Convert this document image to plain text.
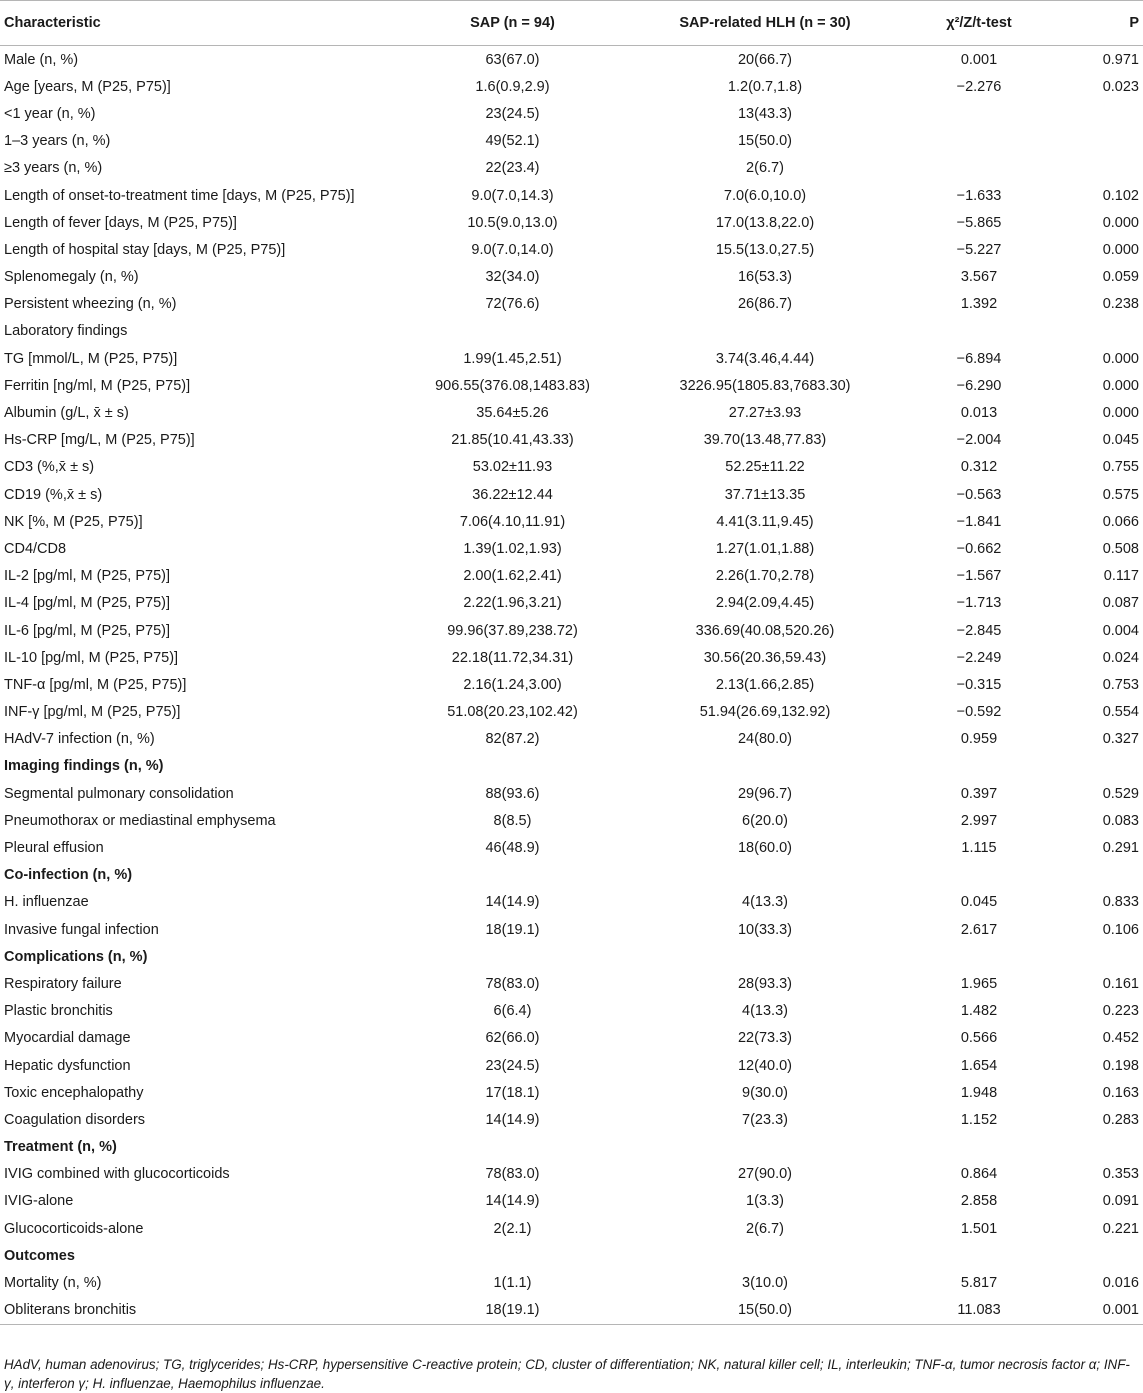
Characteristic	SAP (n = 94)	SAP-related HLH (n = 30)	χ²/Z/t-test	P
Male (n, %)	63(67.0)	20(66.7)	0.001	0.971
Age [years, M (P25, P75)]	1.6(0.9,2.9)	1.2(0.7,1.8)	−2.276	0.023
<1 year (n, %)	23(24.5)	13(43.3)		
1–3 years (n, %)	49(52.1)	15(50.0)		
≥3 years (n, %)	22(23.4)	2(6.7)		
Length of onset-to-treatment time [days, M (P25, P75)]	9.0(7.0,14.3)	7.0(6.0,10.0)	−1.633	0.102
Length of fever [days, M (P25, P75)]	10.5(9.0,13.0)	17.0(13.8,22.0)	−5.865	0.000
Length of hospital stay [days, M (P25, P75)]	9.0(7.0,14.0)	15.5(13.0,27.5)	−5.227	0.000
Splenomegaly (n, %)	32(34.0)	16(53.3)	3.567	0.059
Persistent wheezing (n, %)	72(76.6)	26(86.7)	1.392	0.238
Laboratory findings				
TG [mmol/L, M (P25, P75)]	1.99(1.45,2.51)	3.74(3.46,4.44)	−6.894	0.000
Ferritin [ng/ml, M (P25, P75)]	906.55(376.08,1483.83)	3226.95(1805.83,7683.30)	−6.290	0.000
Albumin (g/L, x̄ ± s)	35.64±5.26	27.27±3.93	0.013	0.000
Hs-CRP [mg/L, M (P25, P75)]	21.85(10.41,43.33)	39.70(13.48,77.83)	−2.004	0.045
CD3 (%,x̄ ± s)	53.02±11.93	52.25±11.22	0.312	0.755
CD19 (%,x̄ ± s)	36.22±12.44	37.71±13.35	−0.563	0.575
NK [%, M (P25, P75)]	7.06(4.10,11.91)	4.41(3.11,9.45)	−1.841	0.066
CD4/CD8	1.39(1.02,1.93)	1.27(1.01,1.88)	−0.662	0.508
IL-2 [pg/ml, M (P25, P75)]	2.00(1.62,2.41)	2.26(1.70,2.78)	−1.567	0.117
IL-4 [pg/ml, M (P25, P75)]	2.22(1.96,3.21)	2.94(2.09,4.45)	−1.713	0.087
IL-6 [pg/ml, M (P25, P75)]	99.96(37.89,238.72)	336.69(40.08,520.26)	−2.845	0.004
IL-10 [pg/ml, M (P25, P75)]	22.18(11.72,34.31)	30.56(20.36,59.43)	−2.249	0.024
TNF-α [pg/ml, M (P25, P75)]	2.16(1.24,3.00)	2.13(1.66,2.85)	−0.315	0.753
INF-γ [pg/ml, M (P25, P75)]	51.08(20.23,102.42)	51.94(26.69,132.92)	−0.592	0.554
HAdV-7 infection (n, %)	82(87.2)	24(80.0)	0.959	0.327
Imaging findings (n, %)				
Segmental pulmonary consolidation	88(93.6)	29(96.7)	0.397	0.529
Pneumothorax or mediastinal emphysema	8(8.5)	6(20.0)	2.997	0.083
Pleural effusion	46(48.9)	18(60.0)	1.115	0.291
Co-infection (n, %)				
H. influenzae	14(14.9)	4(13.3)	0.045	0.833
Invasive fungal infection	18(19.1)	10(33.3)	2.617	0.106
Complications (n, %)				
Respiratory failure	78(83.0)	28(93.3)	1.965	0.161
Plastic bronchitis	6(6.4)	4(13.3)	1.482	0.223
Myocardial damage	62(66.0)	22(73.3)	0.566	0.452
Hepatic dysfunction	23(24.5)	12(40.0)	1.654	0.198
Toxic encephalopathy	17(18.1)	9(30.0)	1.948	0.163
Coagulation disorders	14(14.9)	7(23.3)	1.152	0.283
Treatment (n, %)				
IVIG combined with glucocorticoids	78(83.0)	27(90.0)	0.864	0.353
IVIG-alone	14(14.9)	1(3.3)	2.858	0.091
Glucocorticoids-alone	2(2.1)	2(6.7)	1.501	0.221
Outcomes				
Mortality (n, %)	1(1.1)	3(10.0)	5.817	0.016
Obliterans bronchitis	18(19.1)	15(50.0)	11.083	0.001
HAdV, human adenovirus; TG, triglycerides; Hs-CRP, hypersensitive C-reactive protein; CD, cluster of differentiation; NK, natural killer cell; IL, interleukin; TNF-α, tumor necrosis factor α; INF-γ, interferon γ; H. influenzae, Haemophilus influenzae.
